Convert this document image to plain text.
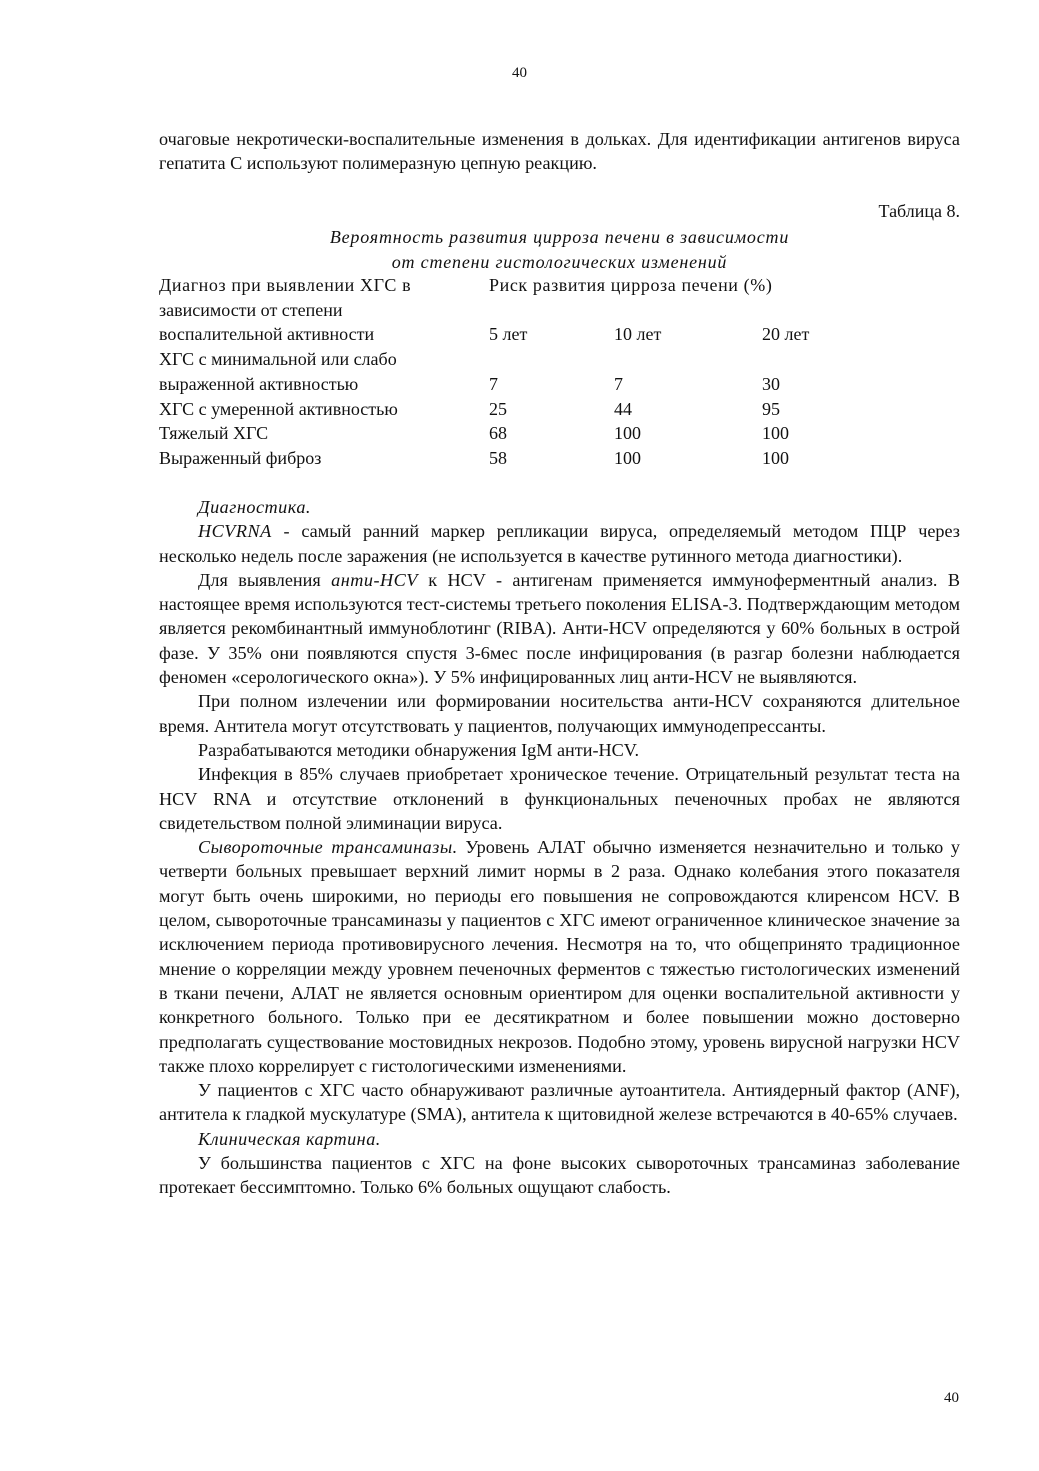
40

очаговые некротически-воспалительные изменения в дольках. Для идентификации антигенов вируса гепатита С используют полимеразную цепную реакцию.

Таблица 8.
Вероятность развития цирроза печени в зависимости
от степени гистологических изменений
Диагноз при выявлении ХГС в	Риск развития цирроза печени (%)
зависимости от степени
воспалительной активности	5 лет	10 лет	20 лет
ХГС с минимальной или слабо
выраженной активностью	7	7	30
ХГС с умеренной активностью	25	44	95
Тяжелый ХГС	68	100	100
Выраженный фиброз	58	100	100

Диагностика.

HCVRNA - самый ранний маркер репликации вируса, определяемый методом ПЦР через несколько недель после заражения (не используется в качестве рутинного метода диагностики).

Для выявления анти-HCV к HCV - антигенам применяется иммуноферментный анализ. В настоящее время используются тест-системы третьего поколения ELISA-3. Подтверждающим методом является рекомбинантный иммуноблотинг (RIBA). Анти-HCV определяются у 60% больных в острой фазе. У 35% они появляются спустя 3-6мес после инфицирования (в разгар болезни наблюдается феномен «серологического окна»). У 5% инфицированных лиц анти-HCV не выявляются.

При полном излечении или формировании носительства анти-HCV сохраняются длительное время. Антитела могут отсутствовать у пациентов, получающих иммунодепрессанты.

Разрабатываются методики обнаружения IgM анти-HCV.

Инфекция в 85% случаев приобретает хроническое течение. Отрицательный результат теста на HCV RNA и отсутствие отклонений в функциональных печеночных пробах не являются свидетельством полной элиминации вируса.

Сывороточные трансаминазы. Уровень АЛАТ обычно изменяется незначительно и только у четверти больных превышает верхний лимит нормы в 2 раза. Однако колебания этого показателя могут быть очень широкими, но периоды его повышения не сопровождаются клиренсом HCV. В целом, сывороточные трансаминазы у пациентов с ХГС имеют ограниченное клиническое значение за исключением периода противовирусного лечения. Несмотря на то, что общепринято традиционное мнение о корреляции между уровнем печеночных ферментов с тяжестью гистологических изменений в ткани печени, АЛАТ не является основным ориентиром для оценки воспалительной активности у конкретного больного. Только при ее десятикратном и более повышении можно достоверно предполагать существование мостовидных некрозов. Подобно этому, уровень вирусной нагрузки HCV также плохо коррелирует с гистологическими изменениями.

У пациентов с ХГС часто обнаруживают различные аутоантитела. Антиядерный фактор (ANF), антитела к гладкой мускулатуре (SMA), антитела к щитовидной железе встречаются в 40-65% случаев.

Клиническая картина.

У большинства пациентов с ХГС на фоне высоких сывороточных трансаминаз заболевание протекает бессимптомно. Только 6% больных ощущают слабость.

40
